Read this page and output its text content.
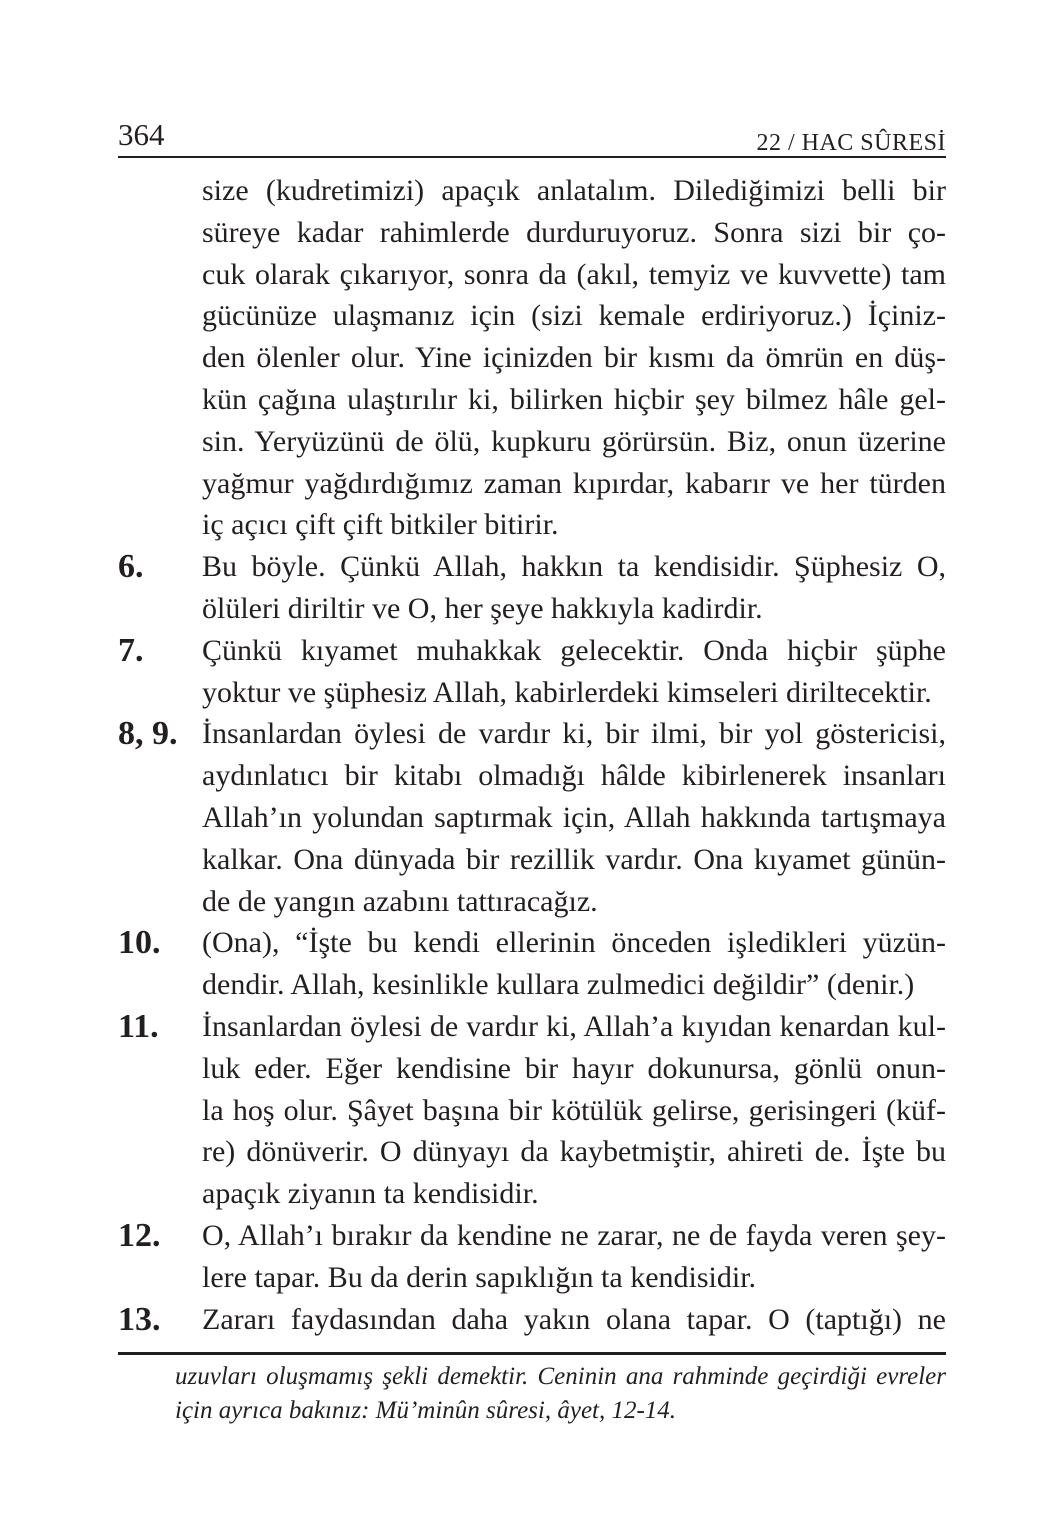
364	22 / HAC SÛRESİ
size (kudretimizi) apaçık anlatalım. Dilediğimizi belli bir
süreye kadar rahimlerde durduruyoruz. Sonra sizi bir ço-
cuk olarak çıkarıyor, sonra da (akıl, temyiz ve kuvvette) tam
gücünüze ulaşmanız için (sizi kemale erdiriyoruz.) İçiniz-
den ölenler olur. Yine içinizden bir kısmı da ömrün en düş-
kün çağına ulaştırılır ki, bilirken hiçbir şey bilmez hâle gel-
sin. Yeryüzünü de ölü, kupkuru görürsün. Biz, onun üzerine
yağmur yağdırdığımız zaman kıpırdar, kabarır ve her türden
iç açıcı çift çift bitkiler bitirir.
6. Bu böyle. Çünkü Allah, hakkın ta kendisidir. Şüphesiz O,
ölüleri diriltir ve O, her şeye hakkıyla kadirdir.
7. Çünkü kıyamet muhakkak gelecektir. Onda hiçbir şüphe
yoktur ve şüphesiz Allah, kabirlerdeki kimseleri diriltecektir.
8, 9. İnsanlardan öylesi de vardır ki, bir ilmi, bir yol göstericisi,
aydınlatıcı bir kitabı olmadığı hâlde kibirlenerek insanları
Allah’ın yolundan saptırmak için, Allah hakkında tartışmaya
kalkar. Ona dünyada bir rezillik vardır. Ona kıyamet günün-
de de yangın azabını tattıracağız.
10. (Ona), “İşte bu kendi ellerinin önceden işledikleri yüzün-
dendir. Allah, kesinlikle kullara zulmedici değildir” (denir.)
11. İnsanlardan öylesi de vardır ki, Allah’a kıyıdan kenardan kul-
luk eder. Eğer kendisine bir hayır dokunursa, gönlü onun-
la hoş olur. Şâyet başına bir kötülük gelirse, gerisingeri (küf-
re) dönüverir. O dünyayı da kaybetmiştir, ahireti de. İşte bu
apaçık ziyanın ta kendisidir.
12. O, Allah’ı bırakır da kendine ne zarar, ne de fayda veren şey-
lere tapar. Bu da derin sapıklığın ta kendisidir.
13. Zararı faydasından daha yakın olana tapar. O (taptığı) ne
uzuvları oluşmamış şekli demektir. Ceninin ana rahminde geçirdiği evreler
için ayrıca bakınız: Mü’minûn sûresi, âyet, 12-14.
